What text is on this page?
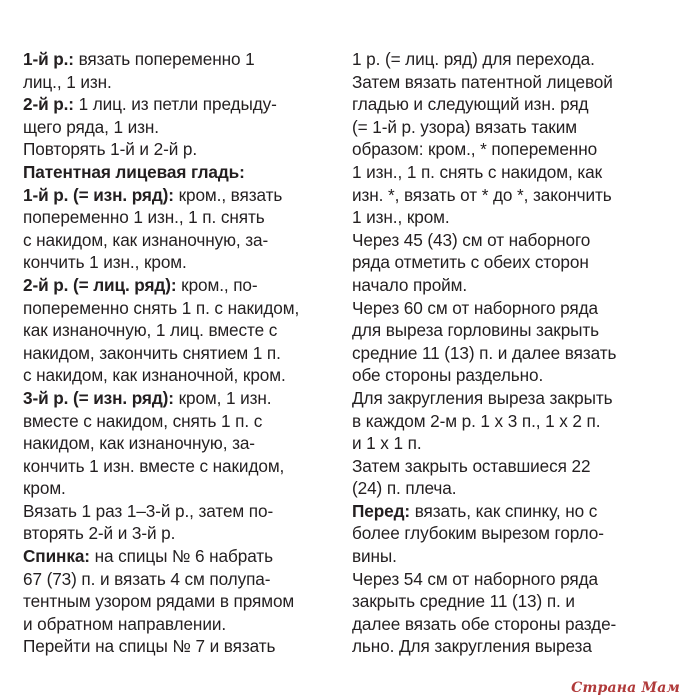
1-й р.: вязать попеременно 1
лиц., 1 изн.
2-й р.: 1 лиц. из петли предыду-
щего ряда, 1 изн.
Повторять 1-й и 2-й р.
Патентная лицевая гладь:
1-й р. (= изн. ряд): кром., вязать
попеременно 1 изн., 1 п. снять
с накидом, как изнаночную, за-
кончить 1 изн., кром.
2-й р. (= лиц. ряд): кром., по-
попеременно снять 1 п. с накидом,
как изнаночную, 1 лиц. вместе с
накидом, закончить снятием 1 п.
с накидом, как изнаночной, кром.
3-й р. (= изн. ряд): кром, 1 изн.
вместе с накидом, снять 1 п. с
накидом, как изнаночную, за-
кончить 1 изн. вместе с накидом,
кром.
Вязать 1 раз 1–3-й р., затем по-
вторять 2-й и 3-й р.
Спинка: на спицы № 6 набрать
67 (73) п. и вязать 4 см полупа-
тентным узором рядами в прямом
и обратном направлении.
Перейти на спицы № 7 и вязать
1 р. (= лиц. ряд) для перехода.
Затем вязать патентной лицевой
гладью и следующий изн. ряд
(= 1-й р. узора) вязать таким
образом: кром., * попеременно
1 изн., 1 п. снять с накидом, как
изн. *, вязать от * до *, закончить
1 изн., кром.
Через 45 (43) см от наборного
ряда отметить с обеих сторон
начало пройм.
Через 60 см от наборного ряда
для выреза горловины закрыть
средние 11 (13) п. и далее вязать
обе стороны раздельно.
Для закругления выреза закрыть
в каждом 2-м р. 1 х 3 п., 1 х 2 п.
и 1 х 1 п.
Затем закрыть оставшиеся 22
(24) п. плеча.
Перед: вязать, как спинку, но с
более глубоким вырезом горло-
вины.
Через 54 см от наборного ряда
закрыть средние 11 (13) п. и
далее вязать обе стороны разде-
льно. Для закругления выреза
Страна Мам
